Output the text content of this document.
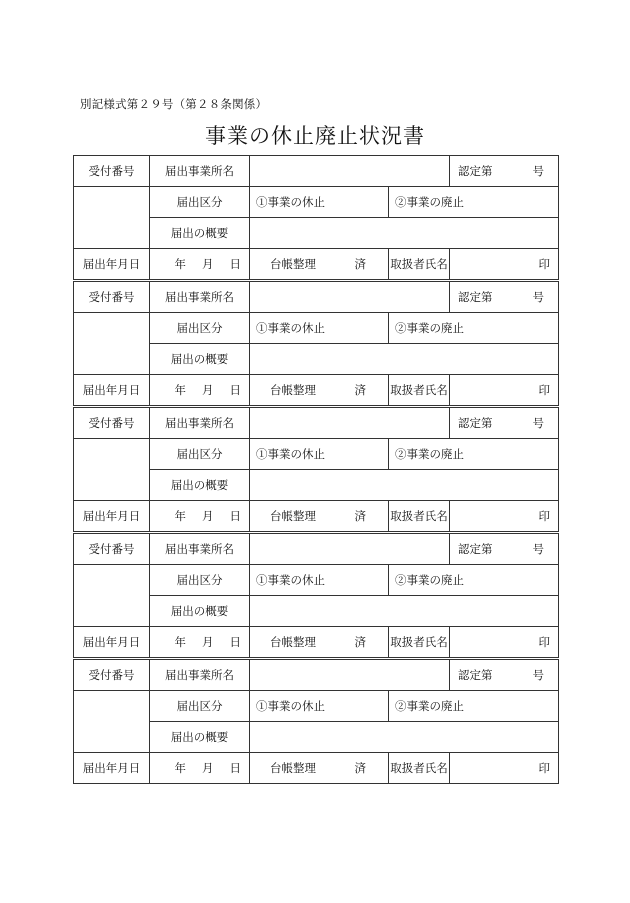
別記様式第２９号（第２８条関係）
事業の休止廃止状況書
受付番号	届出事業所名			認定第 号

	届出区分	①事業の休止	②事業の廃止	
	届出の概要			
届出年月日	年 月 日	台帳整理 済	取扱者氏名	印
受付番号	届出事業所名			認定第 号

	届出区分	①事業の休止	②事業の廃止	
	届出の概要			
届出年月日	年 月 日	台帳整理 済	取扱者氏名	印
受付番号	届出事業所名			認定第 号

	届出区分	①事業の休止	②事業の廃止	
	届出の概要			
届出年月日	年 月 日	台帳整理 済	取扱者氏名	印
受付番号	届出事業所名			認定第 号

	届出区分	①事業の休止	②事業の廃止	
	届出の概要			
届出年月日	年 月 日	台帳整理 済	取扱者氏名	印
受付番号	届出事業所名			認定第 号

	届出区分	①事業の休止	②事業の廃止	
	届出の概要			
届出年月日	年 月 日	台帳整理 済	取扱者氏名	印
